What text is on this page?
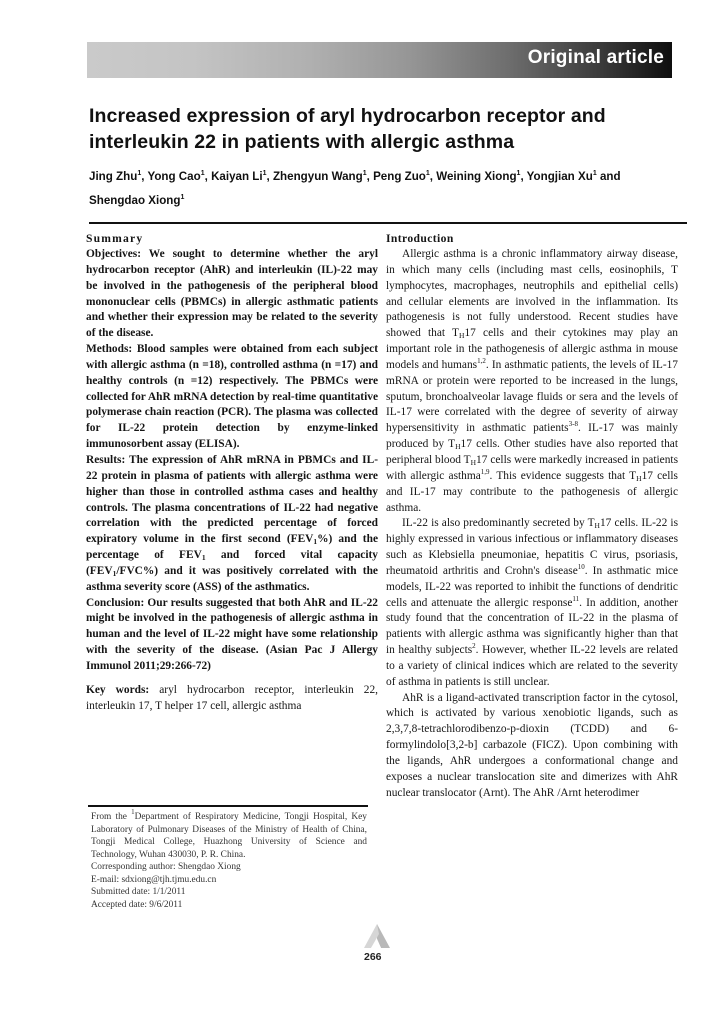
Original article
Increased expression of aryl hydrocarbon receptor and
interleukin 22 in patients with allergic asthma
Jing Zhu$^1$, Yong Cao$^1$, Kaiyan Li$^1$, Zhengyun Wang$^1$, Peng Zuo$^1$, Weining Xiong$^1$, Yongjian Xu$^1$ and
Shengdao Xiong$^1$
Summary

Objectives: We sought to determine whether the aryl hydrocarbon receptor (AhR) and interleukin (IL)-22 may be involved in the pathogenesis of the peripheral blood mononuclear cells (PBMCs) in allergic asthmatic patients and whether their expression may be related to the severity of the disease.

Methods: Blood samples were obtained from each subject with allergic asthma (n =18), controlled asthma (n =17) and healthy controls (n =12) respectively. The PBMCs were collected for AhR mRNA detection by real-time quantitative polymerase chain reaction (PCR). The plasma was collected for IL-22 protein detection by enzyme-linked immunosorbent assay (ELISA).

Results: The expression of AhR mRNA in PBMCs and IL-22 protein in plasma of patients with allergic asthma were higher than those in controlled asthma cases and healthy controls. The plasma concentrations of IL-22 had negative correlation with the predicted percentage of forced expiratory volume in the first second $(FEV_1\%)$ and the percentage of $FEV_1$ and forced vital capacity $(FEV_1/FVC\%)$ and it was positively correlated with the asthma severity score (ASS) of the asthmatics.

Conclusion: Our results suggested that both AhR and IL-22 might be involved in the pathogenesis of allergic asthma in human and the level of IL-22 might have some relationship with the severity of the disease. (Asian Pac J Allergy Immunol 2011;29:266-72)

Key words: aryl hydrocarbon receptor, interleukin 22, interleukin 17, T helper 17 cell, allergic asthma

From the $^1$Department of Respiratory Medicine, Tongji Hospital, Key Laboratory of Pulmonary Diseases of the Ministry of Health of China, Tongji Medical College, Huazhong University of Science and Technology, Wuhan 430030, P. R. China.

Corresponding author: Shengdao Xiong

E-mail: sdxiong@tjh.tjmu.edu.cn

Submitted date: 1/1/2011

Accepted date: 9/6/2011

Introduction

Allergic asthma is a chronic inflammatory airway disease, in which many cells (including mast cells, eosinophils, T lymphocytes, macrophages, neutrophils and epithelial cells) and cellular elements are involved in the inflammation. Its pathogenesis is not fully understood. Recent studies have showed that $T_H17$ cells and their cytokines may play an important role in the pathogenesis of allergic asthma in mouse models and humans$^{1,2}$. In asthmatic patients, the levels of IL-17 mRNA or protein were reported to be increased in the lungs, sputum, bronchoalveolar lavage fluids or sera and the levels of IL-17 were correlated with the degree of severity of airway hypersensitivity in asthmatic patients$^{3-8}$. IL-17 was mainly produced by $T_H17$ cells. Other studies have also reported that peripheral blood $T_H17$ cells were markedly increased in patients with allergic asthma$^{1,9}$. This evidence suggests that $T_H17$ cells and IL-17 may contribute to the pathogenesis of allergic asthma.

IL-22 is also predominantly secreted by $T_H17$ cells. IL-22 is highly expressed in various infectious or inflammatory diseases such as Klebsiella pneumoniae, hepatitis C virus, psoriasis, rheumatoid arthritis and Crohn's disease$^{10}$. In asthmatic mice models, IL-22 was reported to inhibit the functions of dendritic cells and attenuate the allergic response$^{11}$. In addition, another study found that the concentration of IL-22 in the plasma of patients with allergic asthma was significantly higher than that in healthy subjects$^2$. However, whether IL-22 levels are related to a variety of clinical indices which are related to the severity of asthma in patients is still unclear.

AhR is a ligand-activated transcription factor in the cytosol, which is activated by various xenobiotic ligands, such as 2,3,7,8-tetrachlorodibenzo-p-dioxin (TCDD) and 6-formylindolo[3,2-b] carbazole (FICZ). Upon combining with the ligands, AhR undergoes a conformational change and exposes a nuclear translocation site and dimerizes with AhR nuclear translocator (Arnt). The AhR /Arnt heterodimer

266
